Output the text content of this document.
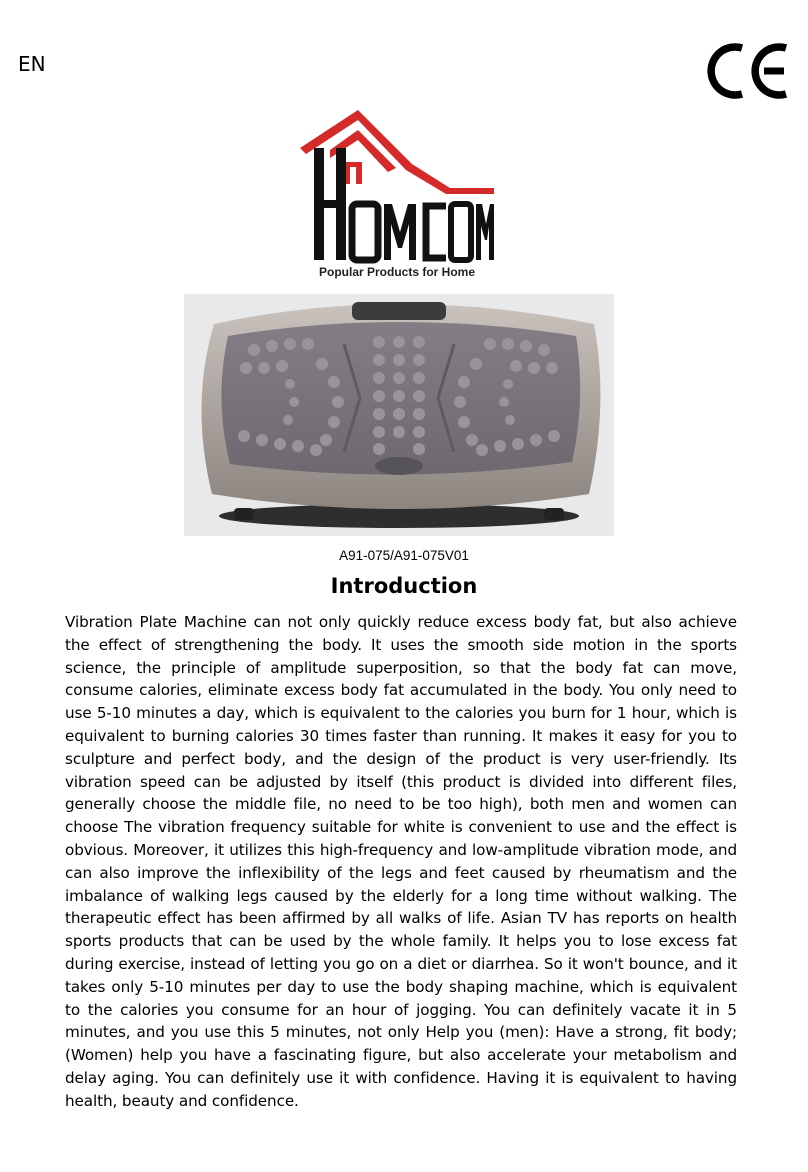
EN
Popular Products for Home
A91-075/A91-075V01
Introduction
Vibration Plate Machine can not only quickly reduce excess body fat, but also achieve the effect of strengthening the body. It uses the smooth side motion in the sports science, the principle of amplitude superposition, so that the body fat can move, consume calories, eliminate excess body fat accumulated in the body. You only need to use 5-10 minutes a day, which is equivalent to the calories you burn for 1 hour, which is equivalent to burning calories 30 times faster than running. It makes it easy for you to sculpture and perfect body, and the design of the product is very user-friendly. Its vibration speed can be adjusted by itself (this product is divided into different files, generally choose the middle file, no need to be too high), both men and women can choose The vibration frequency suitable for white is convenient to use and the effect is obvious. Moreover, it utilizes this high-frequency and low-amplitude vibration mode, and can also improve the inflexibility of the legs and feet caused by rheumatism and the imbalance of walking legs caused by the elderly for a long time without walking. The therapeutic effect has been affirmed by all walks of life. Asian TV has reports on health sports products that can be used by the whole family. It helps you to lose excess fat during exercise, instead of letting you go on a diet or diarrhea. So it won't bounce, and it takes only 5-10 minutes per day to use the body shaping machine, which is equivalent to the calories you consume for an hour of jogging. You can definitely vacate it in 5 minutes, and you use this 5 minutes, not only Help you (men): Have a strong, fit body; (Women) help you have a fascinating figure, but also accelerate your metabolism and delay aging. You can definitely use it with confidence. Having it is equivalent to having health, beauty and confidence.
